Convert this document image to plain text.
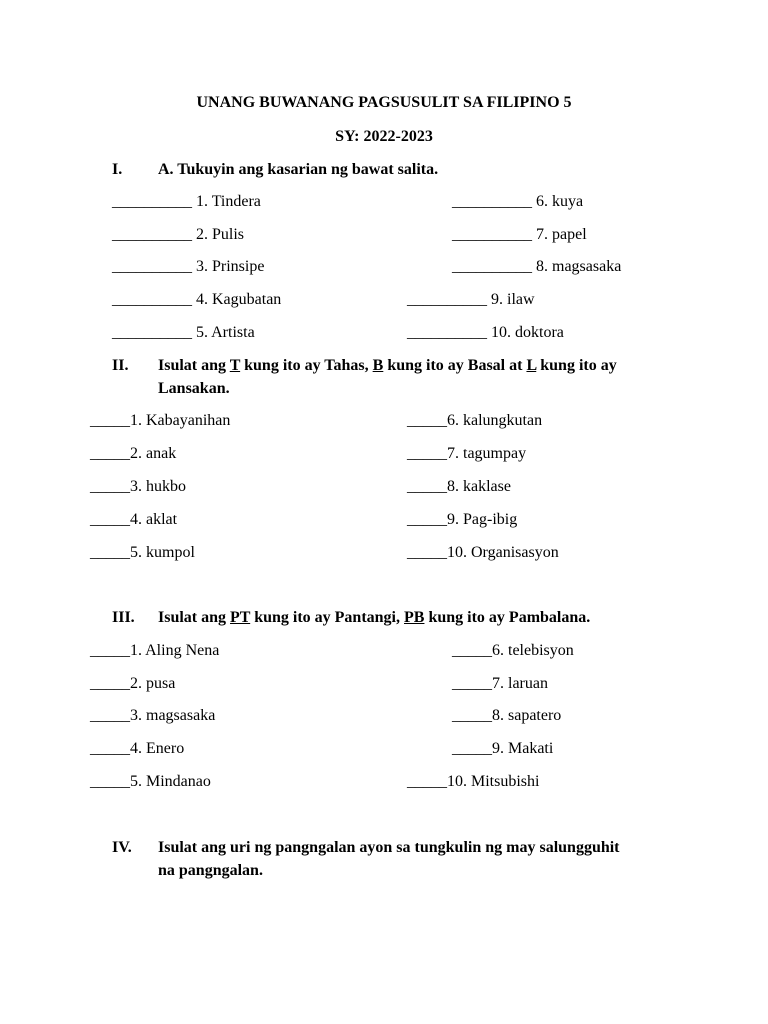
UNANG BUWANANG PAGSUSULIT SA FILIPINO 5
SY: 2022-2023
I. A. Tukuyin ang kasarian ng bawat salita.
__________ 1. Tindera	__________ 6. kuya
__________ 2. Pulis	__________ 7. papel
__________ 3. Prinsipe	__________ 8. magsasaka
__________ 4. Kagubatan	__________ 9. ilaw
__________ 5. Artista	__________ 10. doktora
II. Isulat ang T kung ito ay Tahas, B kung ito ay Basal at L kung ito ay
Lansakan.
_____1. Kabayanihan	_____6. kalungkutan
_____2. anak	_____7. tagumpay
_____3. hukbo	_____8. kaklase
_____4. aklat	_____9. Pag-ibig
_____5. kumpol	_____10. Organisasyon
III. Isulat ang PT kung ito ay Pantangi, PB kung ito ay Pambalana.
_____1. Aling Nena	_____6. telebisyon
_____2. pusa	_____7. laruan
_____3. magsasaka	_____8. sapatero
_____4. Enero	_____9. Makati
_____5. Mindanao	_____10. Mitsubishi
IV. Isulat ang uri ng pangngalan ayon sa tungkulin ng may salungguhit
na pangngalan.
